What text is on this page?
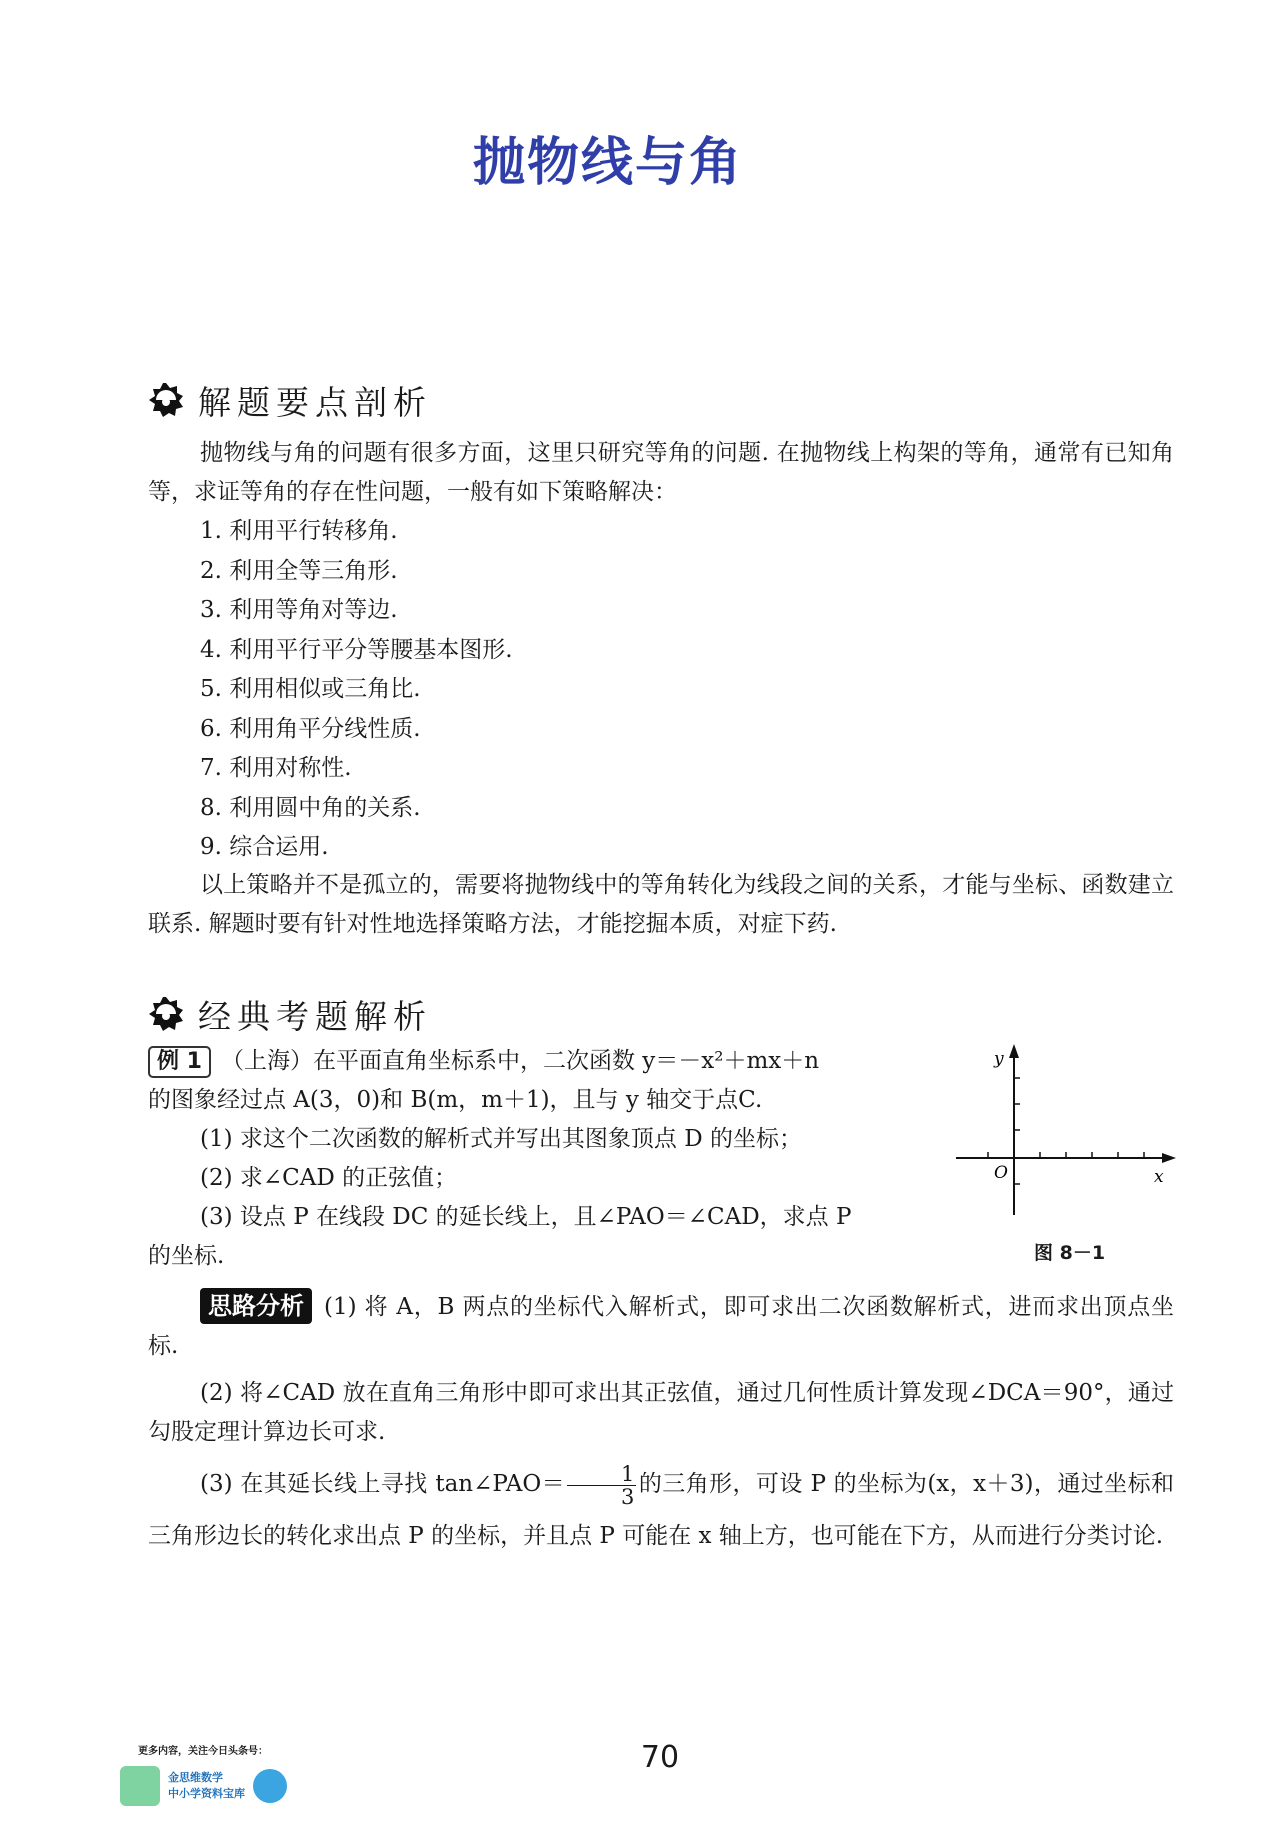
抛物线与角
解题要点剖析
抛物线与角的问题有很多方面，这里只研究等角的问题. 在抛物线上构架的等角，通常有已知角等，求证等角的存在性问题，一般有如下策略解决：
1. 利用平行转移角.
2. 利用全等三角形.
3. 利用等角对等边.
4. 利用平行平分等腰基本图形.
5. 利用相似或三角比.
6. 利用角平分线性质.
7. 利用对称性.
8. 利用圆中角的关系.
9. 综合运用.
以上策略并不是孤立的，需要将抛物线中的等角转化为线段之间的关系，才能与坐标、函数建立联系. 解题时要有针对性地选择策略方法，才能挖掘本质，对症下药.
经典考题解析
例 1 （上海）在平面直角坐标系中，二次函数 y＝－x²＋mx＋n
的图象经过点 A(3，0)和 B(m，m＋1)，且与 y 轴交于点C.
(1) 求这个二次函数的解析式并写出其图象顶点 D 的坐标；
(2) 求∠CAD 的正弦值；
(3) 设点 P 在线段 DC 的延长线上，且∠PAO＝∠CAD，求点 P
的坐标.
y
x
O
图 8－1
思路分析 (1) 将 A，B 两点的坐标代入解析式，即可求出二次函数解析式，进而求出顶点坐标.
(2) 将∠CAD 放在直角三角形中即可求出其正弦值，通过几何性质计算发现∠DCA＝90°，通过勾股定理计算边长可求.
(3) 在其延长线上寻找 tan∠PAO＝ $\frac{1}{3}$ 的三角形，可设 P 的坐标为(x，x＋3)，通过坐标和三角形边长的转化求出点 P 的坐标，并且点 P 可能在 x 轴上方，也可能在下方，从而进行分类讨论.
70
更多内容，关注今日头条号：
金思维数学
中小学资料宝库
